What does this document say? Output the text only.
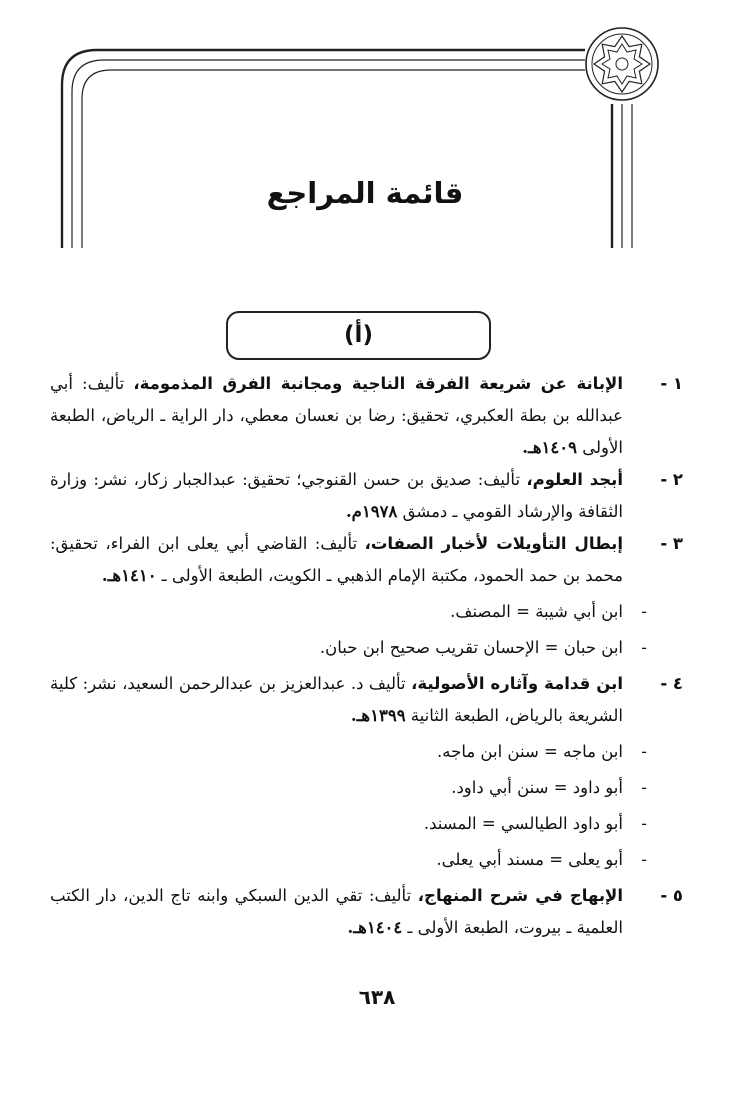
قائمة المراجع
(أ)
١ -
الإبانة عن شريعة الفرقة الناجية ومجانبة الفرق المذمومة، تأليف: أبي عبدالله بن بطة العكبري، تحقيق: رضا بن نعسان معطي، دار الراية ـ الرياض، الطبعة الأولى ١٤٠٩هـ.
٢ -
أبجد العلوم، تأليف: صديق بن حسن القنوجي؛ تحقيق: عبدالجبار زكار، نشر: وزارة الثقافة والإرشاد القومي ـ دمشق ١٩٧٨م.
٣ -
إبطال التأويلات لأخبار الصفات، تأليف: القاضي أبي يعلى ابن الفراء، تحقيق: محمد بن حمد الحمود، مكتبة الإمام الذهبي ـ الكويت، الطبعة الأولى ـ ١٤١٠هـ.
-
ابن أبي شيبة = المصنف.
-
ابن حبان = الإحسان تقريب صحيح ابن حبان.
٤ -
ابن قدامة وآثاره الأصولية، تأليف د. عبدالعزيز بن عبدالرحمن السعيد، نشر: كلية الشريعة بالرياض، الطبعة الثانية ١٣٩٩هـ.
-
ابن ماجه = سنن ابن ماجه.
-
أبو داود = سنن أبي داود.
-
أبو داود الطيالسي = المسند.
-
أبو يعلى = مسند أبي يعلى.
٥ -
الإبهاج في شرح المنهاج، تأليف: تقي الدين السبكي وابنه تاج الدين، دار الكتب العلمية ـ بيروت، الطبعة الأولى ـ ١٤٠٤هـ.
٦٣٨
